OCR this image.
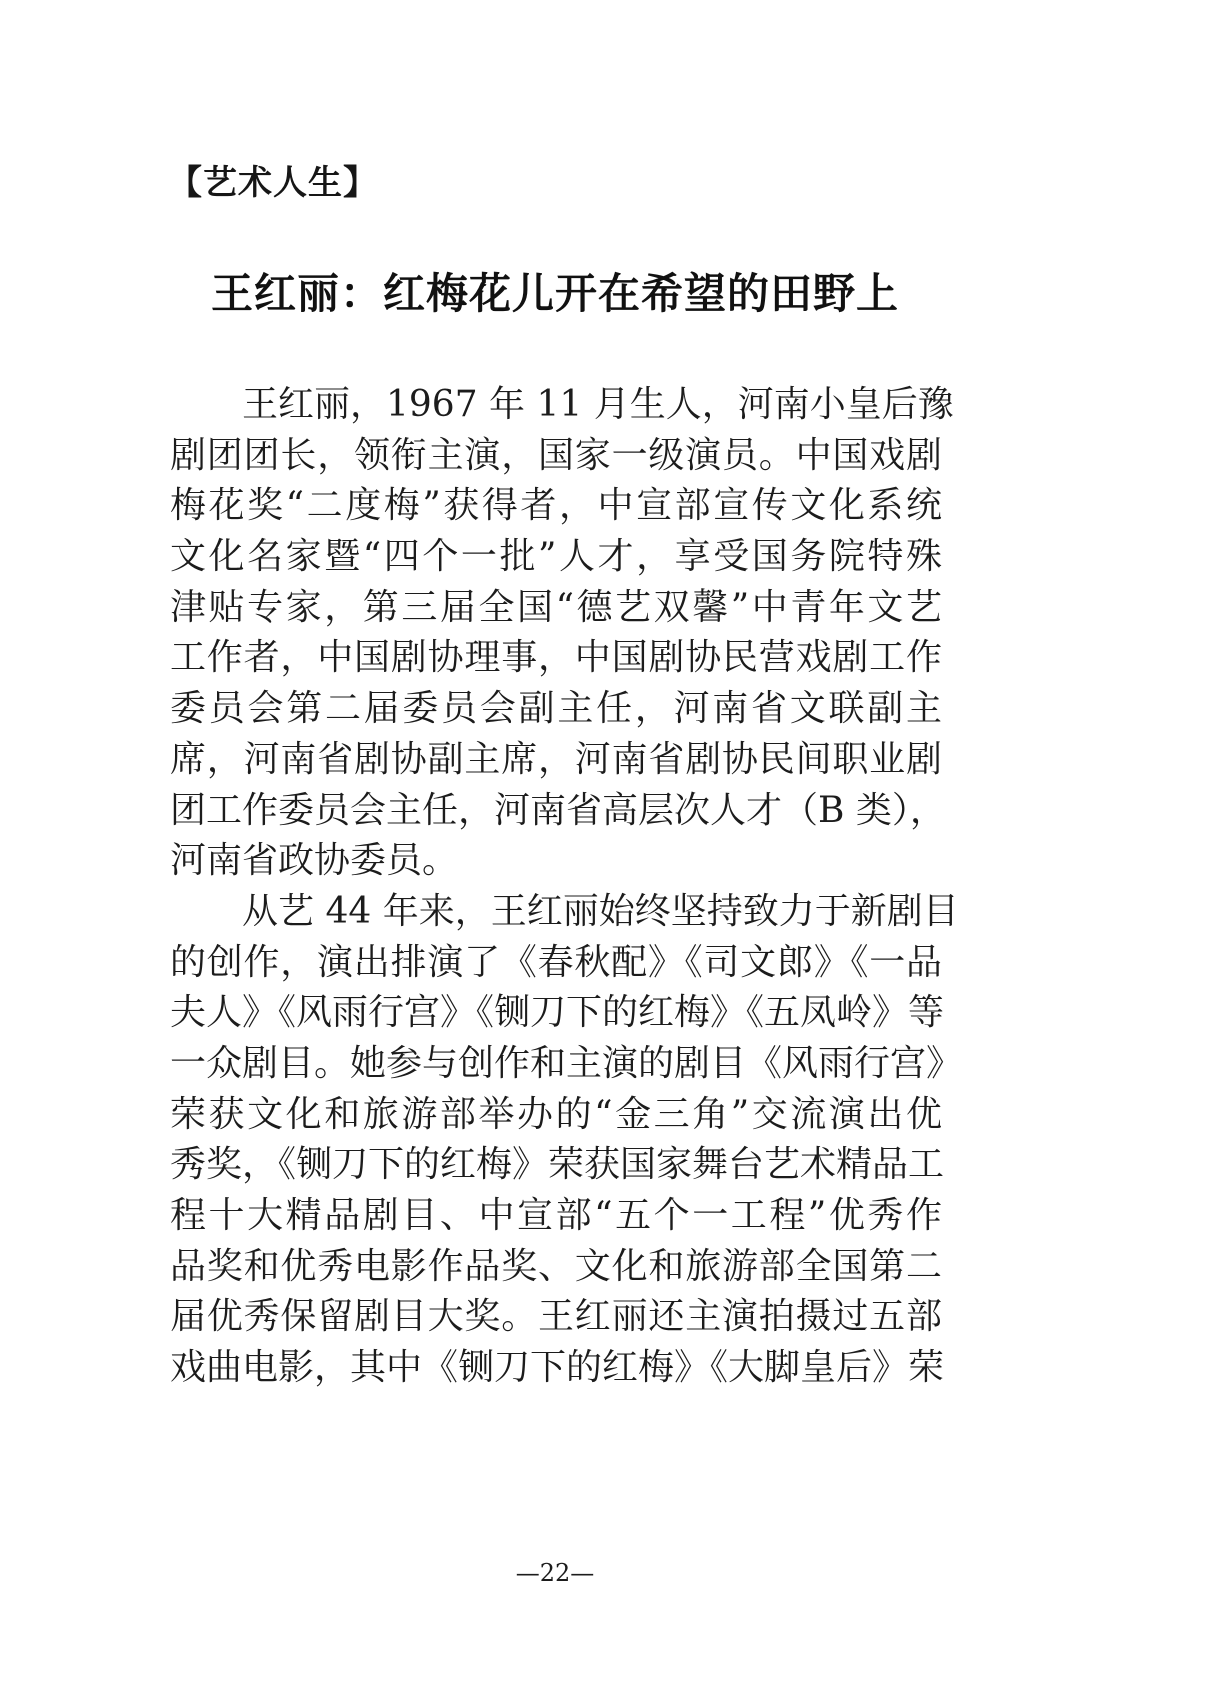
【艺术人生】
王红丽：红梅花儿开在希望的田野上
王红丽，1967 年 11 月生人，河南小皇后豫
剧团团长，领衔主演，国家一级演员。中国戏剧
梅花奖“二度梅”获得者，中宣部宣传文化系统
文化名家暨“四个一批”人才，享受国务院特殊
津贴专家，第三届全国“德艺双馨”中青年文艺
工作者，中国剧协理事，中国剧协民营戏剧工作
委员会第二届委员会副主任，河南省文联副主
席，河南省剧协副主席，河南省剧协民间职业剧
团工作委员会主任，河南省高层次人才（B 类），
河南省政协委员。
从艺 44 年来，王红丽始终坚持致力于新剧目
的创作，演出排演了《春秋配》《司文郎》《一品
夫人》《风雨行宫》《铡刀下的红梅》《五凤岭》等
一众剧目。她参与创作和主演的剧目《风雨行宫》
荣获文化和旅游部举办的“金三角”交流演出优
秀奖，《铡刀下的红梅》荣获国家舞台艺术精品工
程十大精品剧目、中宣部“五个一工程”优秀作
品奖和优秀电影作品奖、文化和旅游部全国第二
届优秀保留剧目大奖。王红丽还主演拍摄过五部
戏曲电影，其中《铡刀下的红梅》《大脚皇后》荣
—22—
